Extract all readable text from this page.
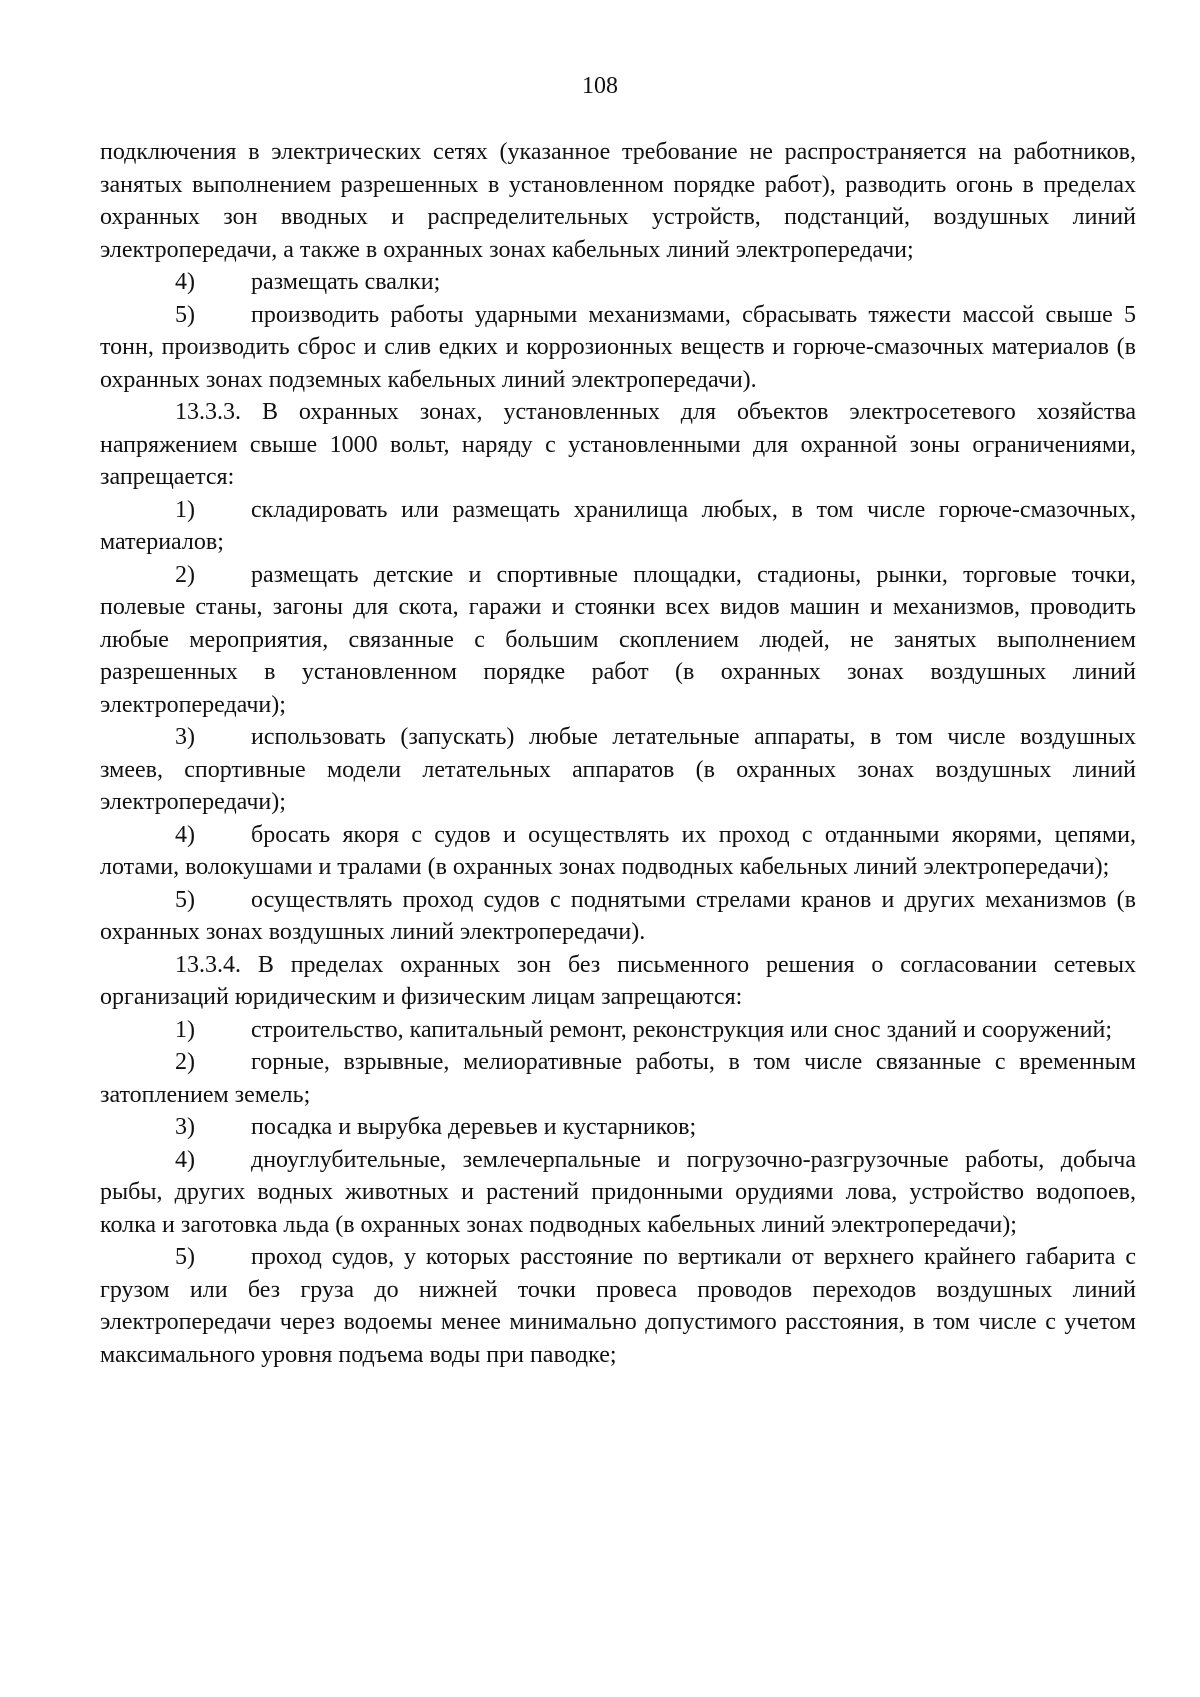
108

подключения в электрических сетях (указанное требование не распространяется на работников, занятых выполнением разрешенных в установленном порядке работ), разводить огонь в пределах охранных зон вводных и распределительных устройств, подстанций, воздушных линий электропередачи, а также в охранных зонах кабельных линий электропередачи;

4) размещать свалки;

5) производить работы ударными механизмами, сбрасывать тяжести массой свыше 5 тонн, производить сброс и слив едких и коррозионных веществ и горюче-смазочных материалов (в охранных зонах подземных кабельных линий электропередачи).

13.3.3. В охранных зонах, установленных для объектов электросетевого хозяйства напряжением свыше 1000 вольт, наряду с установленными для охранной зоны ограничениями, запрещается:

1) складировать или размещать хранилища любых, в том числе горюче-смазочных, материалов;

2) размещать детские и спортивные площадки, стадионы, рынки, торговые точки, полевые станы, загоны для скота, гаражи и стоянки всех видов машин и механизмов, проводить любые мероприятия, связанные с большим скоплением людей, не занятых выполнением разрешенных в установленном порядке работ (в охранных зонах воздушных линий электропередачи);

3) использовать (запускать) любые летательные аппараты, в том числе воздушных змеев, спортивные модели летательных аппаратов (в охранных зонах воздушных линий электропередачи);

4) бросать якоря с судов и осуществлять их проход с отданными якорями, цепями, лотами, волокушами и тралами (в охранных зонах подводных кабельных линий электропередачи);

5) осуществлять проход судов с поднятыми стрелами кранов и других механизмов (в охранных зонах воздушных линий электропередачи).

13.3.4. В пределах охранных зон без письменного решения о согласовании сетевых организаций юридическим и физическим лицам запрещаются:

1) строительство, капитальный ремонт, реконструкция или снос зданий и сооружений;

2) горные, взрывные, мелиоративные работы, в том числе связанные с временным затоплением земель;

3) посадка и вырубка деревьев и кустарников;

4) дноуглубительные, землечерпальные и погрузочно-разгрузочные работы, добыча рыбы, других водных животных и растений придонными орудиями лова, устройство водопоев, колка и заготовка льда (в охранных зонах подводных кабельных линий электропередачи);

5) проход судов, у которых расстояние по вертикали от верхнего крайнего габарита с грузом или без груза до нижней точки провеса проводов переходов воздушных линий электропередачи через водоемы менее минимально допустимого расстояния, в том числе с учетом максимального уровня подъема воды при паводке;
